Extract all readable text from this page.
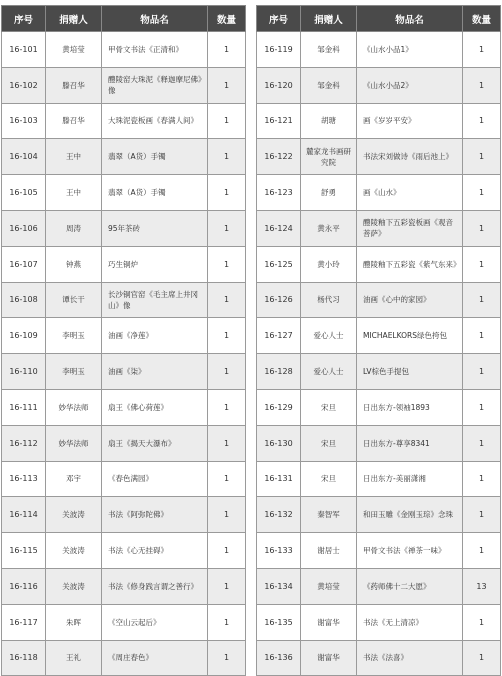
序号	捐赠人	物品名	数量
16-101	黄培莹	甲骨文书法《正清和》	1
16-102	滕召华	醴陵窑大珠泥《释迦摩尼佛》像	1
16-103	滕召华	大珠泥瓷板画《春满人间》	1
16-104	王中	翡翠（A货）手镯	1
16-105	王中	翡翠（A货）手镯	1
16-106	周涛	95年茶砖	1
16-107	钟燕	巧生铜炉	1
16-108	谭长干	长沙铜官窑《毛主席上井冈山》像	1
16-109	李明玉	油画《净莲》	1
16-110	李明玉	油画《柒》	1
16-111	妙华法师	扇王《佛心荷莲》	1
16-112	妙华法师	扇王《揭天大瀑布》	1
16-113	邓宇	《春色满园》	1
16-114	关波涛	书法《阿弥陀佛》	1
16-115	关波涛	书法《心无挂碍》	1
16-116	关波涛	书法《修身践言谓之善行》	1
16-117	朱晖	《空山云起后》	1
16-118	王礼	《周庄春色》	1
序号	捐赠人	物品名	数量
16-119	邹金科	《山水小品1》	1
16-120	邹金科	《山水小品2》	1
16-121	胡瑭	画《岁岁平安》	1
16-122	麓家龙书画研究院	书法宋刘做诗《雨后池上》	1
16-123	舒勇	画《山水》	1
16-124	黄永平	醴陵釉下五彩瓷板画《观音菩萨》	1
16-125	黄小玲	醴陵釉下五彩瓷《紫气东来》	1
16-126	杨代习	油画《心中的家园》	1
16-127	爱心人士	MICHAELKORS绿色挎包	1
16-128	爱心人士	LV棕色手提包	1
16-129	宋旦	日出东方-领袖1893	1
16-130	宋旦	日出东方-尊享8341	1
16-131	宋旦	日出东方-美丽潇湘	1
16-132	秦智军	和田玉雕《金刚玉琮》念珠	1
16-133	谢居士	甲骨文书法《禅茶一味》	1
16-134	黄培莹	《药师佛十二大愿》	13
16-135	谢富华	书法《无上清凉》	1
16-136	谢富华	书法《法喜》	1
